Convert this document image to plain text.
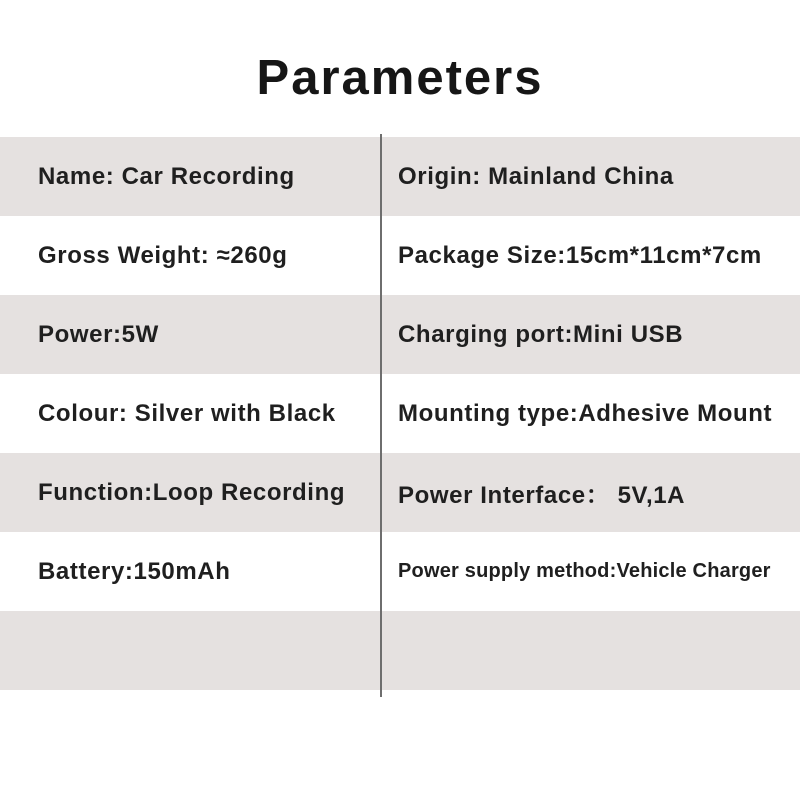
Parameters
Name: Car Recording	Origin: Mainland China
Gross Weight: ≈260g	Package Size:15cm*11cm*7cm
Power:5W	Charging port:Mini USB
Colour: Silver with Black	Mounting type:Adhesive Mount
Function:Loop Recording	Power Interface： 5V,1A
Battery:150mAh	Power supply method:Vehicle Charger
